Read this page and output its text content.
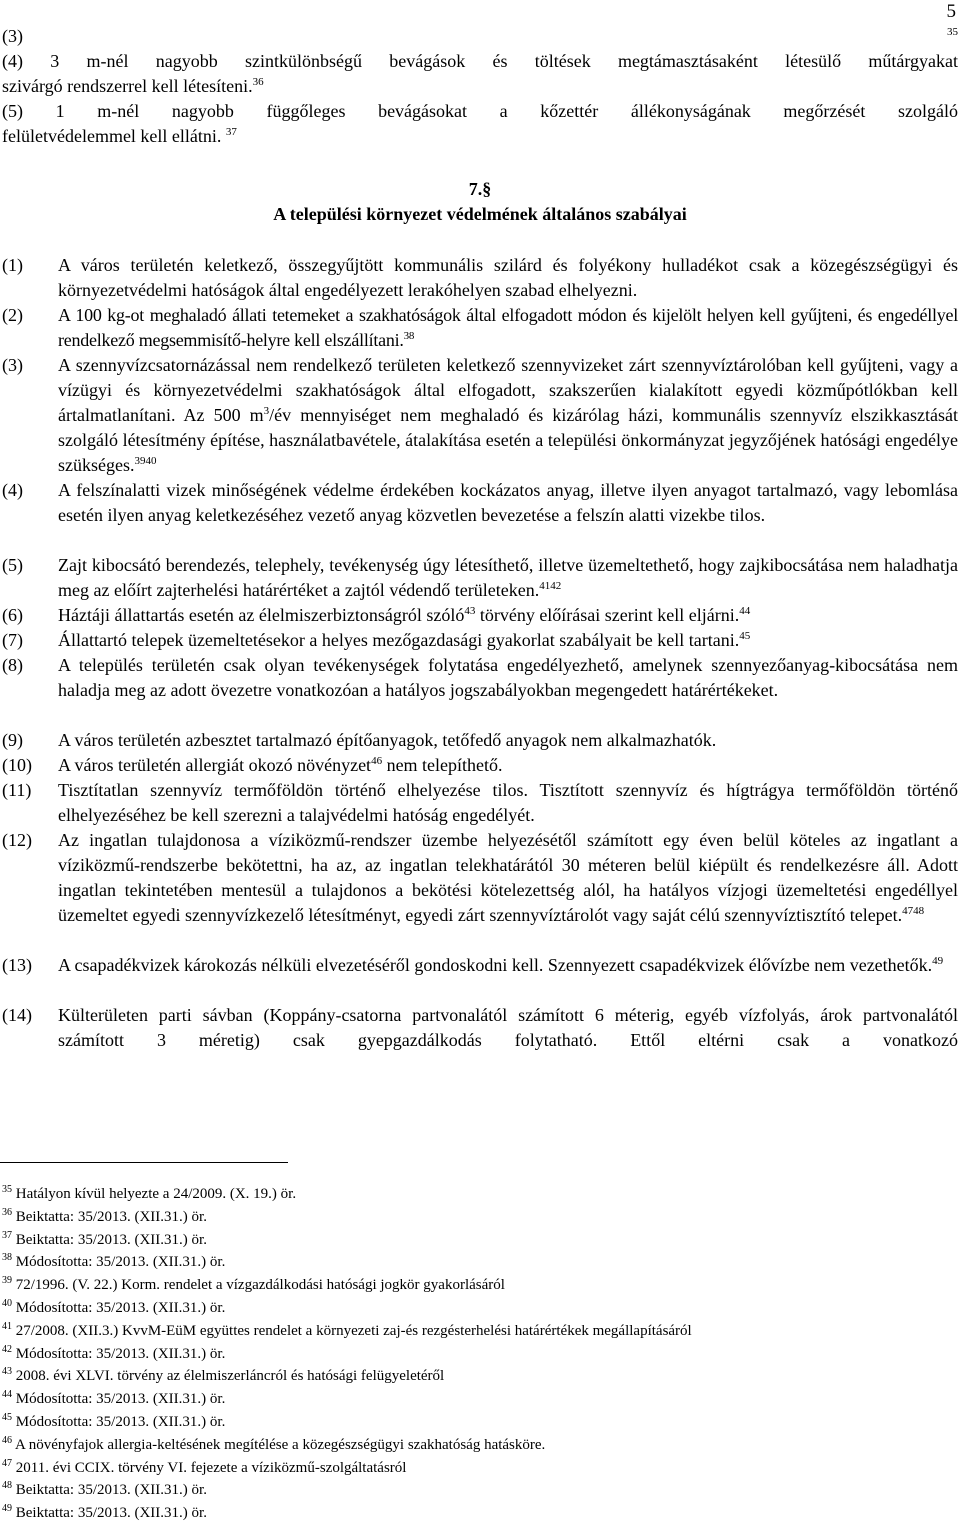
5
(3)	$^{35}$
(4) 3 m-nél nagyobb szintkülönbségű bevágások és töltések megtámasztásaként létesülő műtárgyakat
szivárgó rendszerrel kell létesíteni.$^{36}$
(5) 1 m-nél nagyobb függőleges bevágásokat a kőzettér állékonyságának megőrzését szolgáló
felületvédelemmel kell ellátni. $^{37}$
7.§
A települési környezet védelmének általános szabályai
(1)	A város területén keletkező, összegyűjtött kommunális szilárd és folyékony hulladékot csak a közegészségügyi és környezetvédelmi hatóságok által engedélyezett lerakóhelyen szabad elhelyezni.
(2)	A 100 kg-ot meghaladó állati tetemeket a szakhatóságok által elfogadott módon és kijelölt helyen kell gyűjteni, és engedéllyel rendelkező megsemmisítő-helyre kell elszállítani.$^{38}$
(3)	A szennyvízcsatornázással nem rendelkező területen keletkező szennyvizeket zárt szennyvíztárolóban kell gyűjteni, vagy a vízügyi és környezetvédelmi szakhatóságok által elfogadott, szakszerűen kialakított egyedi közműpótlókban kell ártalmatlanítani. Az 500 $m^3/év$ mennyiséget nem meghaladó és kizárólag házi, kommunális szennyvíz elszikkasztását szolgáló létesítmény építése, használatbavétele, átalakítása esetén a települési önkormányzat jegyzőjének hatósági engedélye szükséges.$^{3940}$
(4)	A felszínalatti vizek minőségének védelme érdekében kockázatos anyag, illetve ilyen anyagot tartalmazó, vagy lebomlása esetén ilyen anyag keletkezéséhez vezető anyag közvetlen bevezetése a felszín alatti vizekbe tilos.
(5)	Zajt kibocsátó berendezés, telephely, tevékenység úgy létesíthető, illetve üzemeltethető, hogy zajkibocsátása nem haladhatja meg az előírt zajterhelési határértéket a zajtól védendő területeken.$^{4142}$
(6)	Háztáji állattartás esetén az élelmiszerbiztonságról szóló$^{43}$ törvény előírásai szerint kell eljárni.$^{44}$
(7)	Állattartó telepek üzemeltetésekor a helyes mezőgazdasági gyakorlat szabályait be kell tartani.$^{45}$
(8)	A település területén csak olyan tevékenységek folytatása engedélyezhető, amelynek szennyezőanyag-kibocsátása nem haladja meg az adott övezetre vonatkozóan a hatályos jogszabályokban megengedett határértékeket.
(9)	A város területén azbesztet tartalmazó építőanyagok, tetőfedő anyagok nem alkalmazhatók.
(10)	A város területén allergiát okozó növényzet$^{46}$ nem telepíthető.
(11)	Tisztítatlan szennyvíz termőföldön történő elhelyezése tilos. Tisztított szennyvíz és hígtrágya termőföldön történő elhelyezéséhez be kell szerezni a talajvédelmi hatóság engedélyét.
(12)	Az ingatlan tulajdonosa a víziközmű-rendszer üzembe helyezésétől számított egy éven belül köteles az ingatlant a víziközmű-rendszerbe bekötettni, ha az, az ingatlan telekhatárától 30 méteren belül kiépült és rendelkezésre áll. Adott ingatlan tekintetében mentesül a tulajdonos a bekötési kötelezettség alól, ha hatályos vízjogi üzemeltetési engedéllyel üzemeltet egyedi szennyvízkezelő létesítményt, egyedi zárt szennyvíztárolót vagy saját célú szennyvíztisztító telepet.$^{4748}$
(13)	A csapadékvizek károkozás nélküli elvezetéséről gondoskodni kell. Szennyezett csapadékvizek élővízbe nem vezethetők.$^{49}$
(14)	Külterületen parti sávban (Koppány-csatorna partvonalától számított 6 méterig, egyéb vízfolyás, árok partvonalától számított 3 méretig) csak gyepgazdálkodás folytatható. Ettől eltérni csak a vonatkozó
$^{35}$ Hatályon kívül helyezte a 24/2009. (X. 19.) ör.
$^{36}$ Beiktatta: 35/2013. (XII.31.) ör.
$^{37}$ Beiktatta: 35/2013. (XII.31.) ör.
$^{38}$ Módosította: 35/2013. (XII.31.) ör.
$^{39}$ 72/1996. (V. 22.) Korm. rendelet a vízgazdálkodási hatósági jogkör gyakorlásáról
$^{40}$ Módosította: 35/2013. (XII.31.) ör.
$^{41}$ 27/2008. (XII.3.) KvvM-EüM együttes rendelet a környezeti zaj-és rezgésterhelési határértékek megállapításáról
$^{42}$ Módosította: 35/2013. (XII.31.) ör.
$^{43}$ 2008. évi XLVI. törvény az élelmiszerláncról és hatósági felügyeletéről
$^{44}$ Módosította: 35/2013. (XII.31.) ör.
$^{45}$ Módosította: 35/2013. (XII.31.) ör.
$^{46}$ A növényfajok allergia-keltésének megítélése a közegészségügyi szakhatóság hatásköre.
$^{47}$ 2011. évi CCIX. törvény VI. fejezete a víziközmű-szolgáltatásról
$^{48}$ Beiktatta: 35/2013. (XII.31.) ör.
$^{49}$ Beiktatta: 35/2013. (XII.31.) ör.
